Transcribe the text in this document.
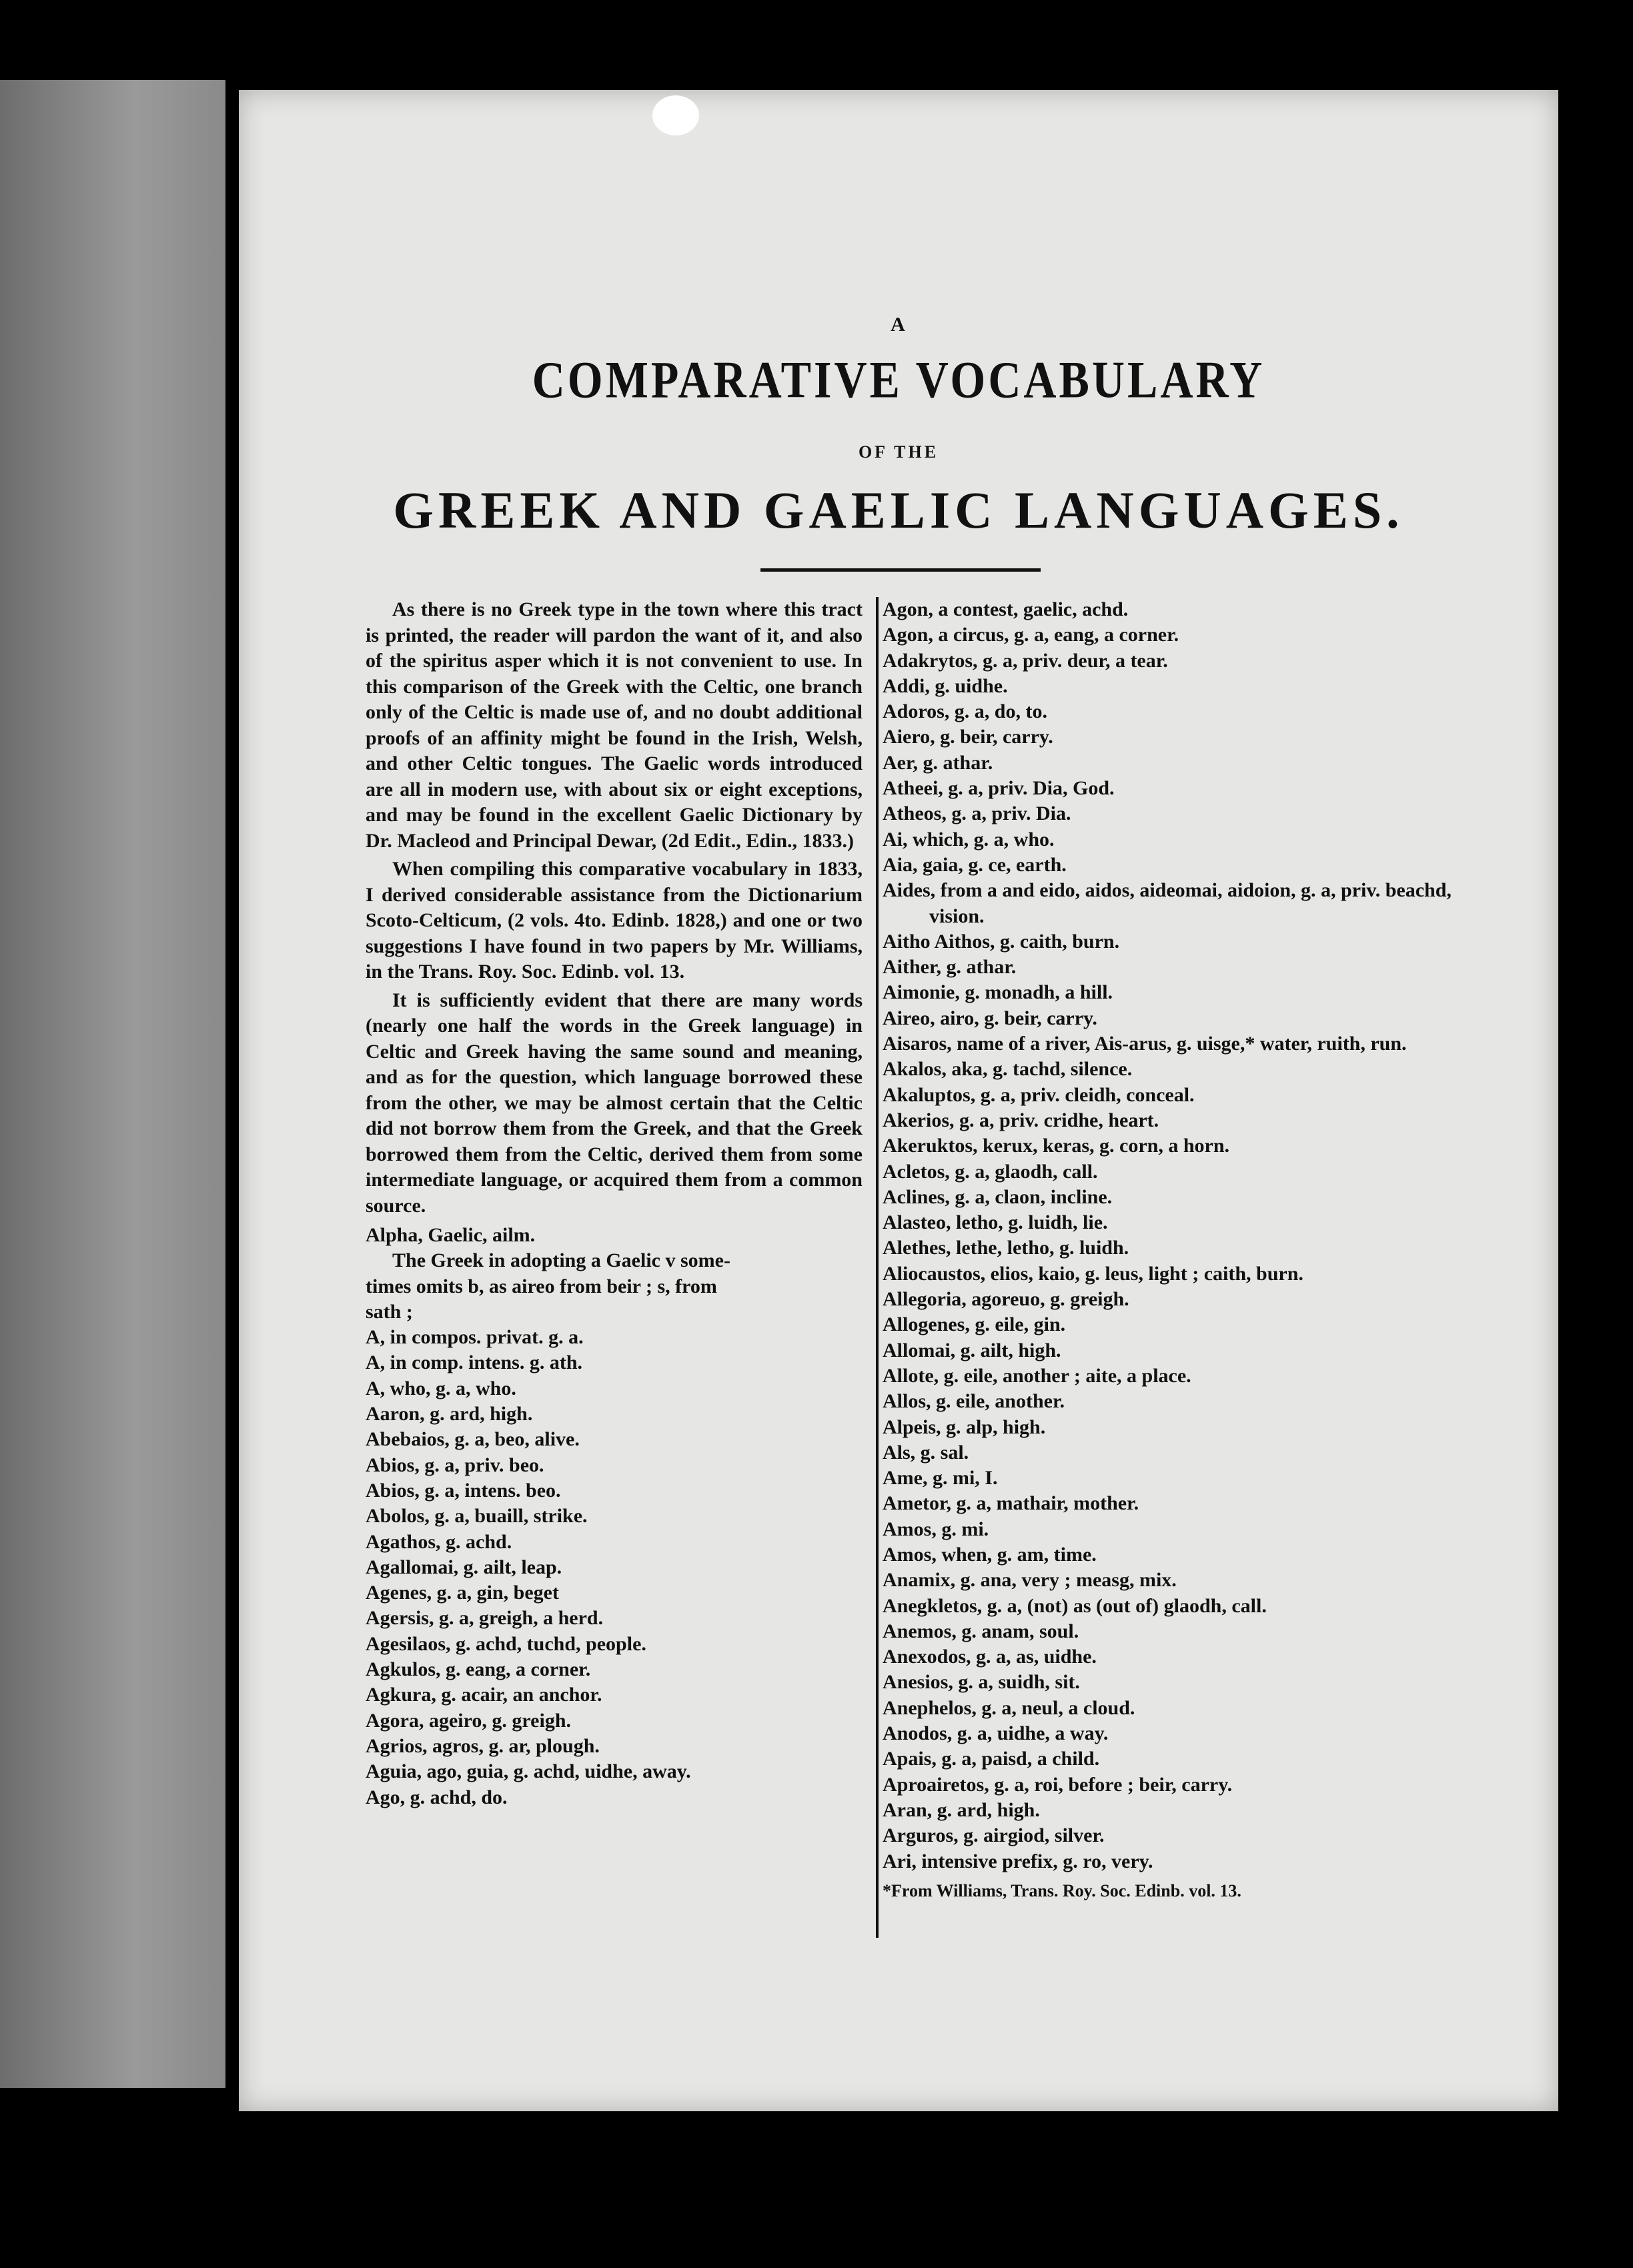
A
COMPARATIVE VOCABULARY
OF THE
GREEK AND GAELIC LANGUAGES.

As there is no Greek type in the town where this tract is printed, the reader will pardon the want of it, and also of the spiritus asper which it is not convenient to use. In this comparison of the Greek with the Celtic, one branch only of the Celtic is made use of, and no doubt additional proofs of an affinity might be found in the Irish, Welsh, and other Celtic tongues. The Gaelic words introduced are all in modern use, with about six or eight exceptions, and may be found in the excellent Gaelic Dictionary by Dr. Macleod and Principal Dewar, (2d Edit., Edin., 1833.)

When compiling this comparative vocabulary in 1833, I derived considerable assistance from the Dictionarium Scoto-Celticum, (2 vols. 4to. Edinb. 1828,) and one or two suggestions I have found in two papers by Mr. Williams, in the Trans. Roy. Soc. Edinb. vol. 13.

It is sufficiently evident that there are many words (nearly one half the words in the Greek language) in Celtic and Greek having the same sound and meaning, and as for the question, which language borrowed these from the other, we may be almost certain that the Celtic did not borrow them from the Greek, and that the Greek borrowed them from the Celtic, derived them from some intermediate language, or acquired them from a common source.

Alpha, Gaelic, ailm.
The Greek in adopting a Gaelic v some-
times omits b, as aireo from beir ; s, from
sath ;
A, in compos. privat. g. a.
A, in comp. intens. g. ath.
A, who, g. a, who.
Aaron, g. ard, high.
Abebaios, g. a, beo, alive.
Abios, g. a, priv. beo.
Abios, g. a, intens. beo.
Abolos, g. a, buaill, strike.
Agathos, g. achd.
Agallomai, g. ailt, leap.
Agenes, g. a, gin, beget
Agersis, g. a, greigh, a herd.
Agesilaos, g. achd, tuchd, people.
Agkulos, g. eang, a corner.
Agkura, g. acair, an anchor.
Agora, ageiro, g. greigh.
Agrios, agros, g. ar, plough.
Aguia, ago, guia, g. achd, uidhe, away.
Ago, g. achd, do.
Agon, a contest, gaelic, achd.
Agon, a circus, g. a, eang, a corner.
Adakrytos, g. a, priv. deur, a tear.
Addi, g. uidhe.
Adoros, g. a, do, to.
Aiero, g. beir, carry.
Aer, g. athar.
Atheei, g. a, priv. Dia, God.
Atheos, g. a, priv. Dia.
Ai, which, g. a, who.
Aia, gaia, g. ce, earth.
Aides, from a and eido, aidos, aideomai, aidoion, g. a, priv. beachd, vision.
Aitho Aithos, g. caith, burn.
Aither, g. athar.
Aimonie, g. monadh, a hill.
Aireo, airo, g. beir, carry.
Aisaros, name of a river, Ais-arus, g. uisge,* water, ruith, run.
Akalos, aka, g. tachd, silence.
Akaluptos, g. a, priv. cleidh, conceal.
Akerios, g. a, priv. cridhe, heart.
Akeruktos, kerux, keras, g. corn, a horn.
Acletos, g. a, glaodh, call.
Aclines, g. a, claon, incline.
Alasteo, letho, g. luidh, lie.
Alethes, lethe, letho, g. luidh.
Aliocaustos, elios, kaio, g. leus, light ; caith, burn.
Allegoria, agoreuo, g. greigh.
Allogenes, g. eile, gin.
Allomai, g. ailt, high.
Allote, g. eile, another ; aite, a place.
Allos, g. eile, another.
Alpeis, g. alp, high.
Als, g. sal.
Ame, g. mi, I.
Ametor, g. a, mathair, mother.
Amos, g. mi.
Amos, when, g. am, time.
Anamix, g. ana, very ; measg, mix.
Anegkletos, g. a, (not) as (out of) glaodh, call.
Anemos, g. anam, soul.
Anexodos, g. a, as, uidhe.
Anesios, g. a, suidh, sit.
Anephelos, g. a, neul, a cloud.
Anodos, g. a, uidhe, a way.
Apais, g. a, paisd, a child.
Aproairetos, g. a, roi, before ; beir, carry.
Aran, g. ard, high.
Arguros, g. airgiod, silver.
Ari, intensive prefix, g. ro, very.
*From Williams, Trans. Roy. Soc. Edinb. vol. 13.
